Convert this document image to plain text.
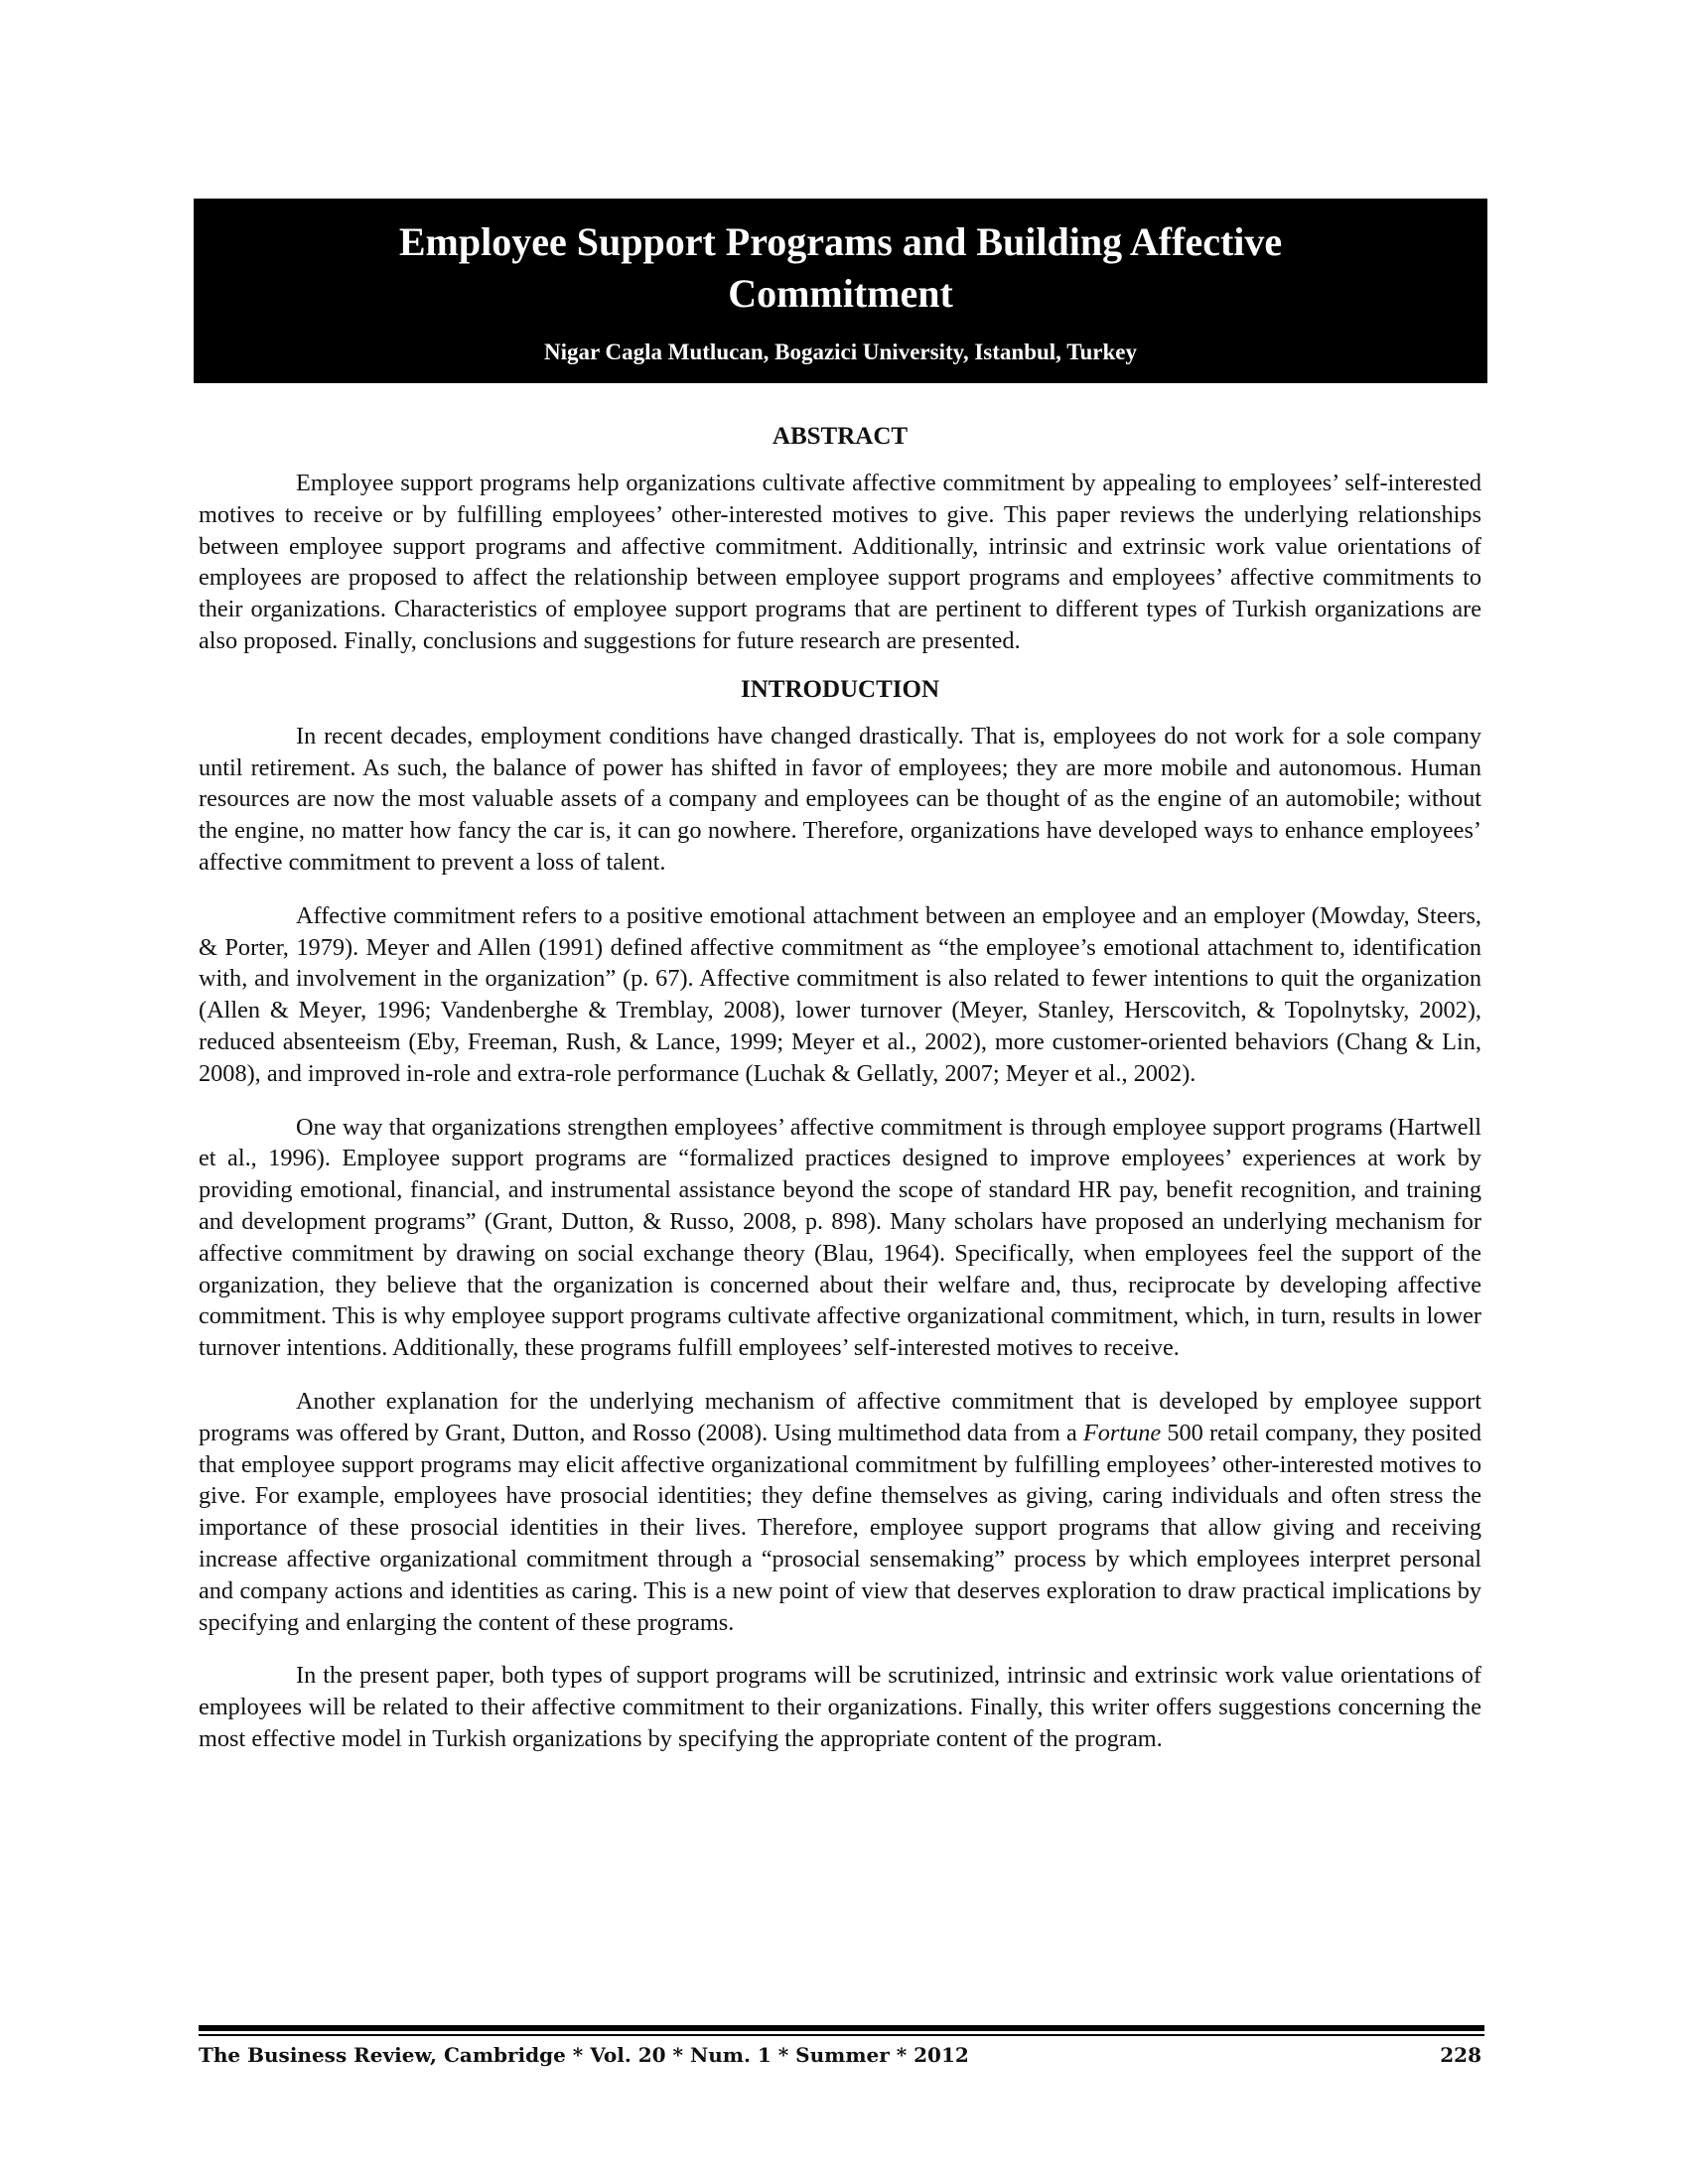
Employee Support Programs and Building Affective Commitment
Nigar Cagla Mutlucan, Bogazici University, Istanbul, Turkey
ABSTRACT

Employee support programs help organizations cultivate affective commitment by appealing to employees’ self-interested motives to receive or by fulfilling employees’ other-interested motives to give. This paper reviews the underlying relationships between employee support programs and affective commitment. Additionally, intrinsic and extrinsic work value orientations of employees are proposed to affect the relationship between employee support programs and employees’ affective commitments to their organizations. Characteristics of employee support programs that are pertinent to different types of Turkish organizations are also proposed. Finally, conclusions and suggestions for future research are presented.

INTRODUCTION

In recent decades, employment conditions have changed drastically. That is, employees do not work for a sole company until retirement. As such, the balance of power has shifted in favor of employees; they are more mobile and autonomous. Human resources are now the most valuable assets of a company and employees can be thought of as the engine of an automobile; without the engine, no matter how fancy the car is, it can go nowhere. Therefore, organizations have developed ways to enhance employees’ affective commitment to prevent a loss of talent.

Affective commitment refers to a positive emotional attachment between an employee and an employer (Mowday, Steers, & Porter, 1979). Meyer and Allen (1991) defined affective commitment as “the employee’s emotional attachment to, identification with, and involvement in the organization” (p. 67). Affective commitment is also related to fewer intentions to quit the organization (Allen & Meyer, 1996; Vandenberghe & Tremblay, 2008), lower turnover (Meyer, Stanley, Herscovitch, & Topolnytsky, 2002), reduced absenteeism (Eby, Freeman, Rush, & Lance, 1999; Meyer et al., 2002), more customer-oriented behaviors (Chang & Lin, 2008), and improved in-role and extra-role performance (Luchak & Gellatly, 2007; Meyer et al., 2002).

One way that organizations strengthen employees’ affective commitment is through employee support programs (Hartwell et al., 1996). Employee support programs are “formalized practices designed to improve employees’ experiences at work by providing emotional, financial, and instrumental assistance beyond the scope of standard HR pay, benefit recognition, and training and development programs” (Grant, Dutton, & Russo, 2008, p. 898). Many scholars have proposed an underlying mechanism for affective commitment by drawing on social exchange theory (Blau, 1964). Specifically, when employees feel the support of the organization, they believe that the organization is concerned about their welfare and, thus, reciprocate by developing affective commitment. This is why employee support programs cultivate affective organizational commitment, which, in turn, results in lower turnover intentions. Additionally, these programs fulfill employees’ self-interested motives to receive.

Another explanation for the underlying mechanism of affective commitment that is developed by employee support programs was offered by Grant, Dutton, and Rosso (2008). Using multimethod data from a Fortune 500 retail company, they posited that employee support programs may elicit affective organizational commitment by fulfilling employees’ other-interested motives to give. For example, employees have prosocial identities; they define themselves as giving, caring individuals and often stress the importance of these prosocial identities in their lives. Therefore, employee support programs that allow giving and receiving increase affective organizational commitment through a “prosocial sensemaking” process by which employees interpret personal and company actions and identities as caring. This is a new point of view that deserves exploration to draw practical implications by specifying and enlarging the content of these programs.

In the present paper, both types of support programs will be scrutinized, intrinsic and extrinsic work value orientations of employees will be related to their affective commitment to their organizations. Finally, this writer offers suggestions concerning the most effective model in Turkish organizations by specifying the appropriate content of the program.

The Business Review, Cambridge * Vol. 20 * Num. 1 * Summer * 2012	228
